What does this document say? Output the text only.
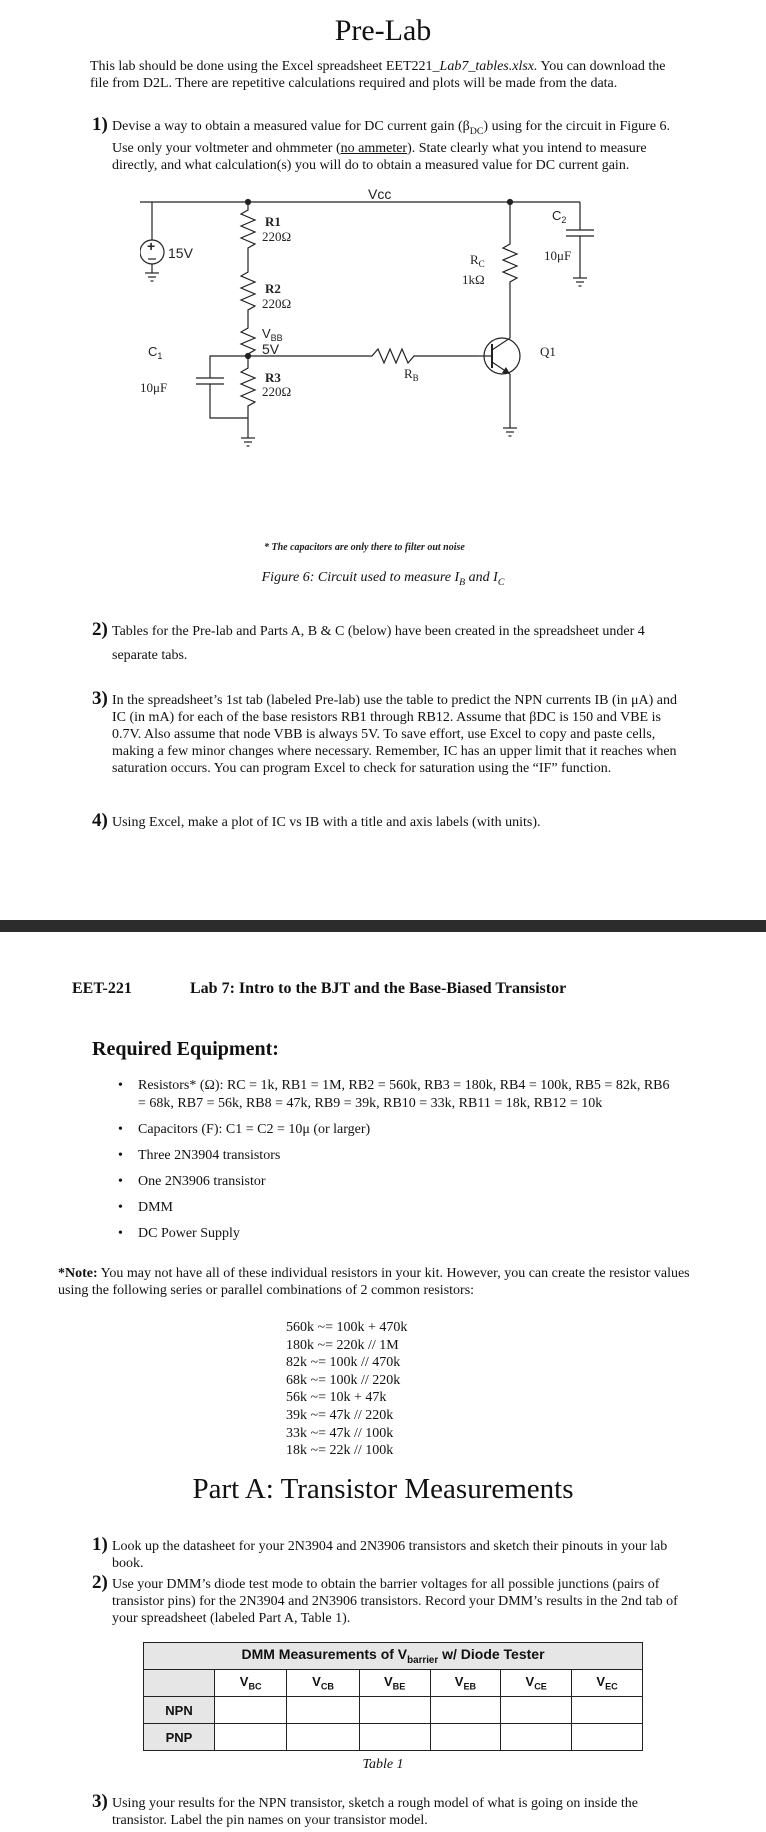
Pre-Lab
This lab should be done using the Excel spreadsheet EET221_Lab7_tables.xlsx. You can download the file from D2L. There are repetitive calculations required and plots will be made from the data.
1) Devise a way to obtain a measured value for DC current gain $(\beta_{DC})$ using for the circuit in Figure 6. Use only your voltmeter and ohmmeter (no ammeter). State clearly what you intend to measure directly, and what calculation(s) you will do to obtain a measured value for DC current gain.
Vcc
+ 15V
R1
220Ω
R2
220Ω
$V_{BB}$
5V
R3
220Ω
$C_1$
10μF
$R_B$
Q1
$R_C$
1kΩ
$C_2$
10μF
* The capacitors are only there to filter out noise
Figure 6: Circuit used to measure $I_B$ and $I_C$
2) Tables for the Pre-lab and Parts A, B & C (below) have been created in the spreadsheet under 4 separate tabs.
3) In the spreadsheet’s 1st tab (labeled Pre-lab) use the table to predict the NPN currents IB (in μA) and IC (in mA) for each of the base resistors RB1 through RB12. Assume that βDC is 150 and VBE is 0.7V. Also assume that node VBB is always 5V. To save effort, use Excel to copy and paste cells, making a few minor changes where necessary. Remember, IC has an upper limit that it reaches when saturation occurs. You can program Excel to check for saturation using the “IF” function.
4) Using Excel, make a plot of IC vs IB with a title and axis labels (with units).
EET-221	Lab 7: Intro to the BJT and the Base-Biased Transistor
Required Equipment:
• Resistors* (Ω): RC = 1k, RB1 = 1M, RB2 = 560k, RB3 = 180k, RB4 = 100k, RB5 = 82k, RB6 = 68k, RB7 = 56k, RB8 = 47k, RB9 = 39k, RB10 = 33k, RB11 = 18k, RB12 = 10k
• Capacitors (F): C1 = C2 = 10μ (or larger)
• Three 2N3904 transistors
• One 2N3906 transistor
• DMM
• DC Power Supply
*Note: You may not have all of these individual resistors in your kit. However, you can create the resistor values using the following series or parallel combinations of 2 common resistors:
560k ~= 100k + 470k
180k ~= 220k // 1M
82k ~= 100k // 470k
68k ~= 100k // 220k
56k ~= 10k + 47k
39k ~= 47k // 220k
33k ~= 47k // 100k
18k ~= 22k // 100k
Part A: Transistor Measurements
1) Look up the datasheet for your 2N3904 and 2N3906 transistors and sketch their pinouts in your lab book.
2) Use your DMM’s diode test mode to obtain the barrier voltages for all possible junctions (pairs of transistor pins) for the 2N3904 and 2N3906 transistors. Record your DMM’s results in the 2nd tab of your spreadsheet (labeled Part A, Table 1).
DMM Measurements of $V_{barrier}$ w/ Diode Tester						
	$V_{BC}$	$V_{CB}$	$V_{BE}$	$V_{EB}$	$V_{CE}$	$V_{EC}$
NPN						
PNP						
Table 1
3) Using your results for the NPN transistor, sketch a rough model of what is going on inside the transistor. Label the pin names on your transistor model.
